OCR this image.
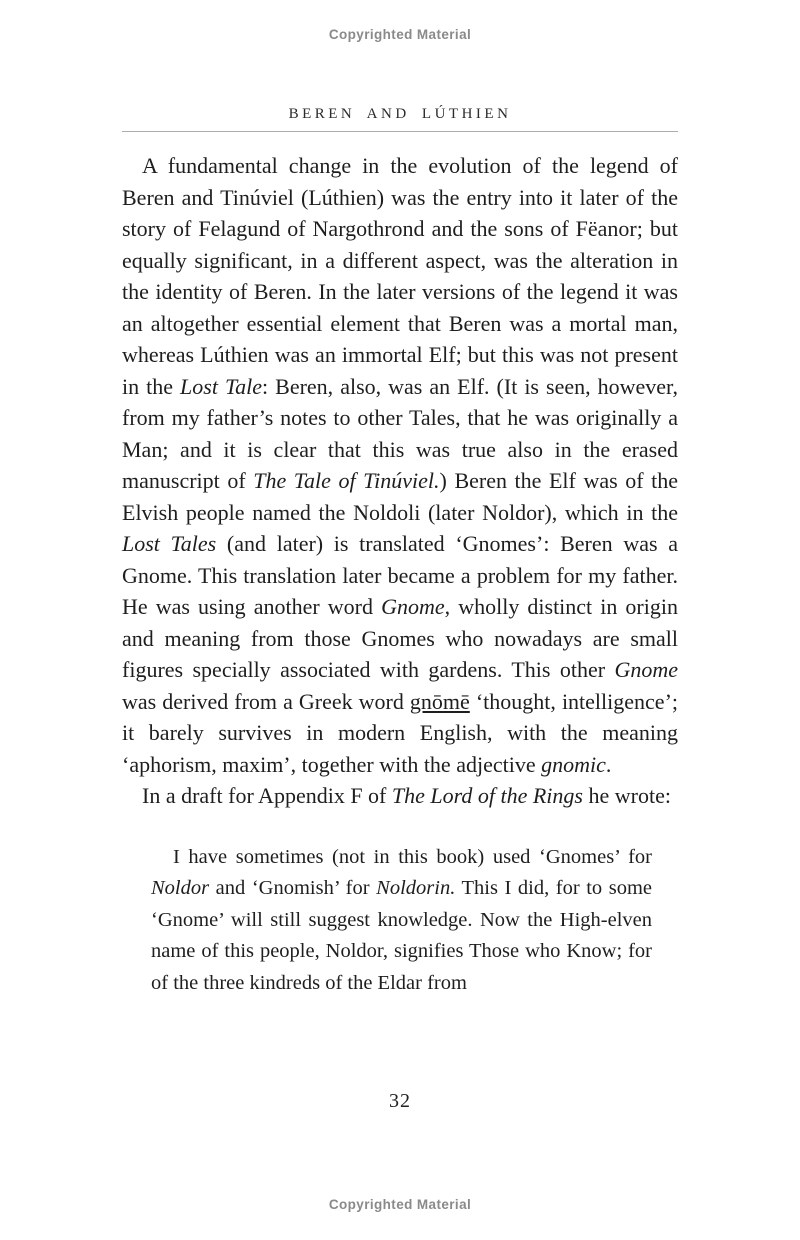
Copyrighted Material
BEREN AND LÚTHIEN

A fundamental change in the evolution of the legend of Beren and Tinúviel (Lúthien) was the entry into it later of the story of Felagund of Nargothrond and the sons of Fëanor; but equally significant, in a different aspect, was the alteration in the identity of Beren. In the later versions of the legend it was an altogether essential element that Beren was a mortal man, whereas Lúthien was an immortal Elf; but this was not present in the Lost Tale: Beren, also, was an Elf. (It is seen, however, from my father’s notes to other Tales, that he was originally a Man; and it is clear that this was true also in the erased manuscript of The Tale of Tinúviel.) Beren the Elf was of the Elvish people named the Noldoli (later Noldor), which in the Lost Tales (and later) is translated ‘Gnomes’: Beren was a Gnome. This translation later became a problem for my father. He was using another word Gnome, wholly distinct in origin and meaning from those Gnomes who nowadays are small figures specially associated with gardens. This other Gnome was derived from a Greek word gnōmē ‘thought, intelligence’; it barely survives in modern English, with the meaning ‘aphorism, maxim’, together with the adjective gnomic.

In a draft for Appendix F of The Lord of the Rings he wrote:

I have sometimes (not in this book) used ‘Gnomes’ for Noldor and ‘Gnomish’ for Noldorin. This I did, for to some ‘Gnome’ will still suggest knowledge. Now the High-elven name of this people, Noldor, signifies Those who Know; for of the three kindreds of the Eldar from
32
Copyrighted Material
